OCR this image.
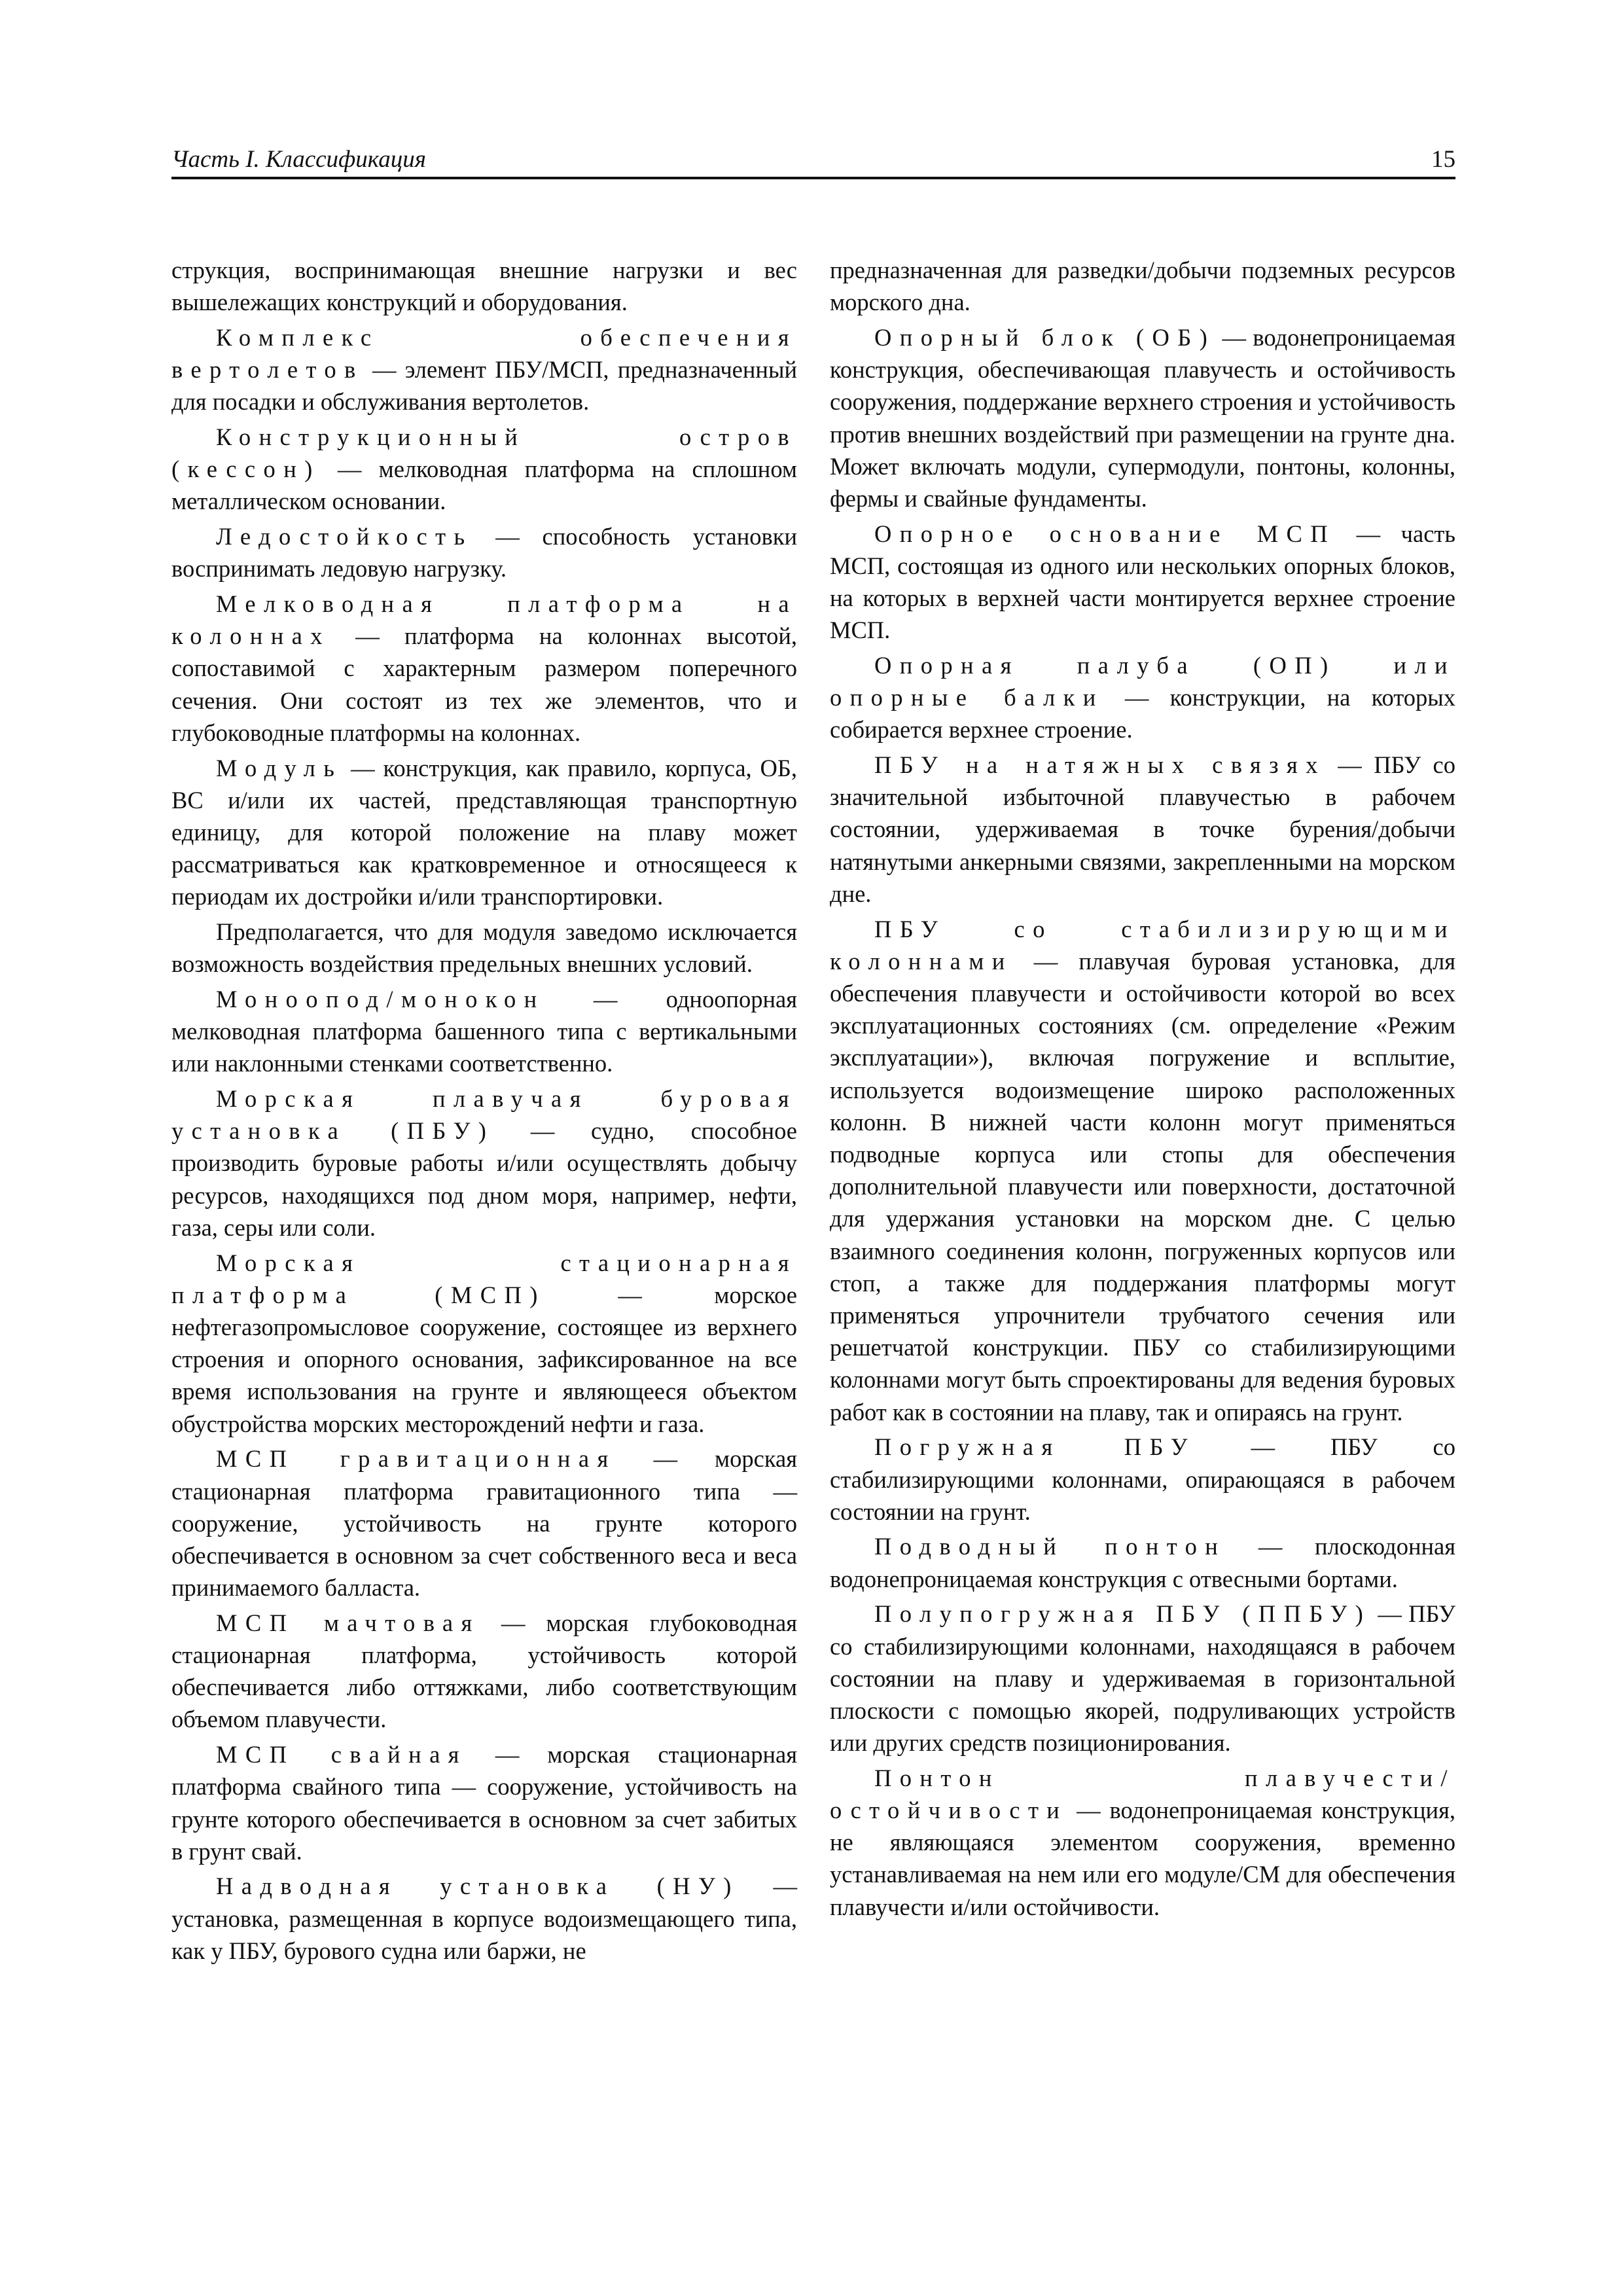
Часть I. Классификация	15

струкция, воспринимающая внешние нагрузки и вес вышележащих конструкций и оборудования.

Комплекс обеспечения вертолетов — элемент ПБУ/МСП, предназначенный для посадки и обслуживания вертолетов.

Конструкционный остров (кессон) — мелководная платформа на сплошном металлическом основании.

Ледостойкость — способность установки воспринимать ледовую нагрузку.

Мелководная платформа на колоннах — платформа на колоннах высотой, сопоставимой с характерным размером поперечного сечения. Они состоят из тех же элементов, что и глубоководные платформы на колоннах.

Модуль — конструкция, как правило, корпуса, ОБ, ВС и/или их частей, представляющая транспортную единицу, для которой положение на плаву может рассматриваться как кратковременное и относящееся к периодам их достройки и/или транспортировки.

Предполагается, что для модуля заведомо исключается возможность воздействия предельных внешних условий.

Моноопод/монокон — одноопорная мелководная платформа башенного типа с вертикальными или наклонными стенками соответственно.

Морская плавучая буровая установка (ПБУ) — судно, способное производить буровые работы и/или осуществлять добычу ресурсов, находящихся под дном моря, например, нефти, газа, серы или соли.

Морская стационарная платформа (МСП) — морское нефтегазопромысловое сооружение, состоящее из верхнего строения и опорного основания, зафиксированное на все время использования на грунте и являющееся объектом обустройства морских месторождений нефти и газа.

МСП гравитационная — морская стационарная платформа гравитационного типа — сооружение, устойчивость на грунте которого обеспечивается в основном за счет собственного веса и веса принимаемого балласта.

МСП мачтовая — морская глубоководная стационарная платформа, устойчивость которой обеспечивается либо оттяжками, либо соответствующим объемом плавучести.

МСП свайная — морская стационарная платформа свайного типа — сооружение, устойчивость на грунте которого обеспечивается в основном за счет забитых в грунт свай.

Надводная установка (НУ) — установка, размещенная в корпусе водоизмещающего типа, как у ПБУ, бурового судна или баржи, не

предназначенная для разведки/добычи подземных ресурсов морского дна.

Опорный блок (ОБ) — водонепроницаемая конструкция, обеспечивающая плавучесть и остойчивость сооружения, поддержание верхнего строения и устойчивость против внешних воздействий при размещении на грунте дна. Может включать модули, супермодули, понтоны, колонны, фермы и свайные фундаменты.

Опорное основание МСП — часть МСП, состоящая из одного или нескольких опорных блоков, на которых в верхней части монтируется верхнее строение МСП.

Опорная палуба (ОП) или опорные балки — конструкции, на которых собирается верхнее строение.

ПБУ на натяжных связях — ПБУ со значительной избыточной плавучестью в рабочем состоянии, удерживаемая в точке бурения/добычи натянутыми анкерными связями, закрепленными на морском дне.

ПБУ со стабилизирующими колоннами — плавучая буровая установка, для обеспечения плавучести и остойчивости которой во всех эксплуатационных состояниях (см. определение «Режим эксплуатации»), включая погружение и всплытие, используется водоизмещение широко расположенных колонн. В нижней части колонн могут применяться подводные корпуса или стопы для обеспечения дополнительной плавучести или поверхности, достаточной для удержания установки на морском дне. С целью взаимного соединения колонн, погруженных корпусов или стоп, а также для поддержания платформы могут применяться упрочнители трубчатого сечения или решетчатой конструкции. ПБУ со стабилизирующими колоннами могут быть спроектированы для ведения буровых работ как в состоянии на плаву, так и опираясь на грунт.

Погружная ПБУ — ПБУ со стабилизирующими колоннами, опирающаяся в рабочем состоянии на грунт.

Подводный понтон — плоскодонная водонепроницаемая конструкция с отвесными бортами.

Полупогружная ПБУ (ППБУ) — ПБУ со стабилизирующими колоннами, находящаяся в рабочем состоянии на плаву и удерживаемая в горизонтальной плоскости с помощью якорей, подруливающих устройств или других средств позиционирования.

Понтон плавучести/остойчивости — водонепроницаемая конструкция, не являющаяся элементом сооружения, временно устанавливаемая на нем или его модуле/СМ для обеспечения плавучести и/или остойчивости.
